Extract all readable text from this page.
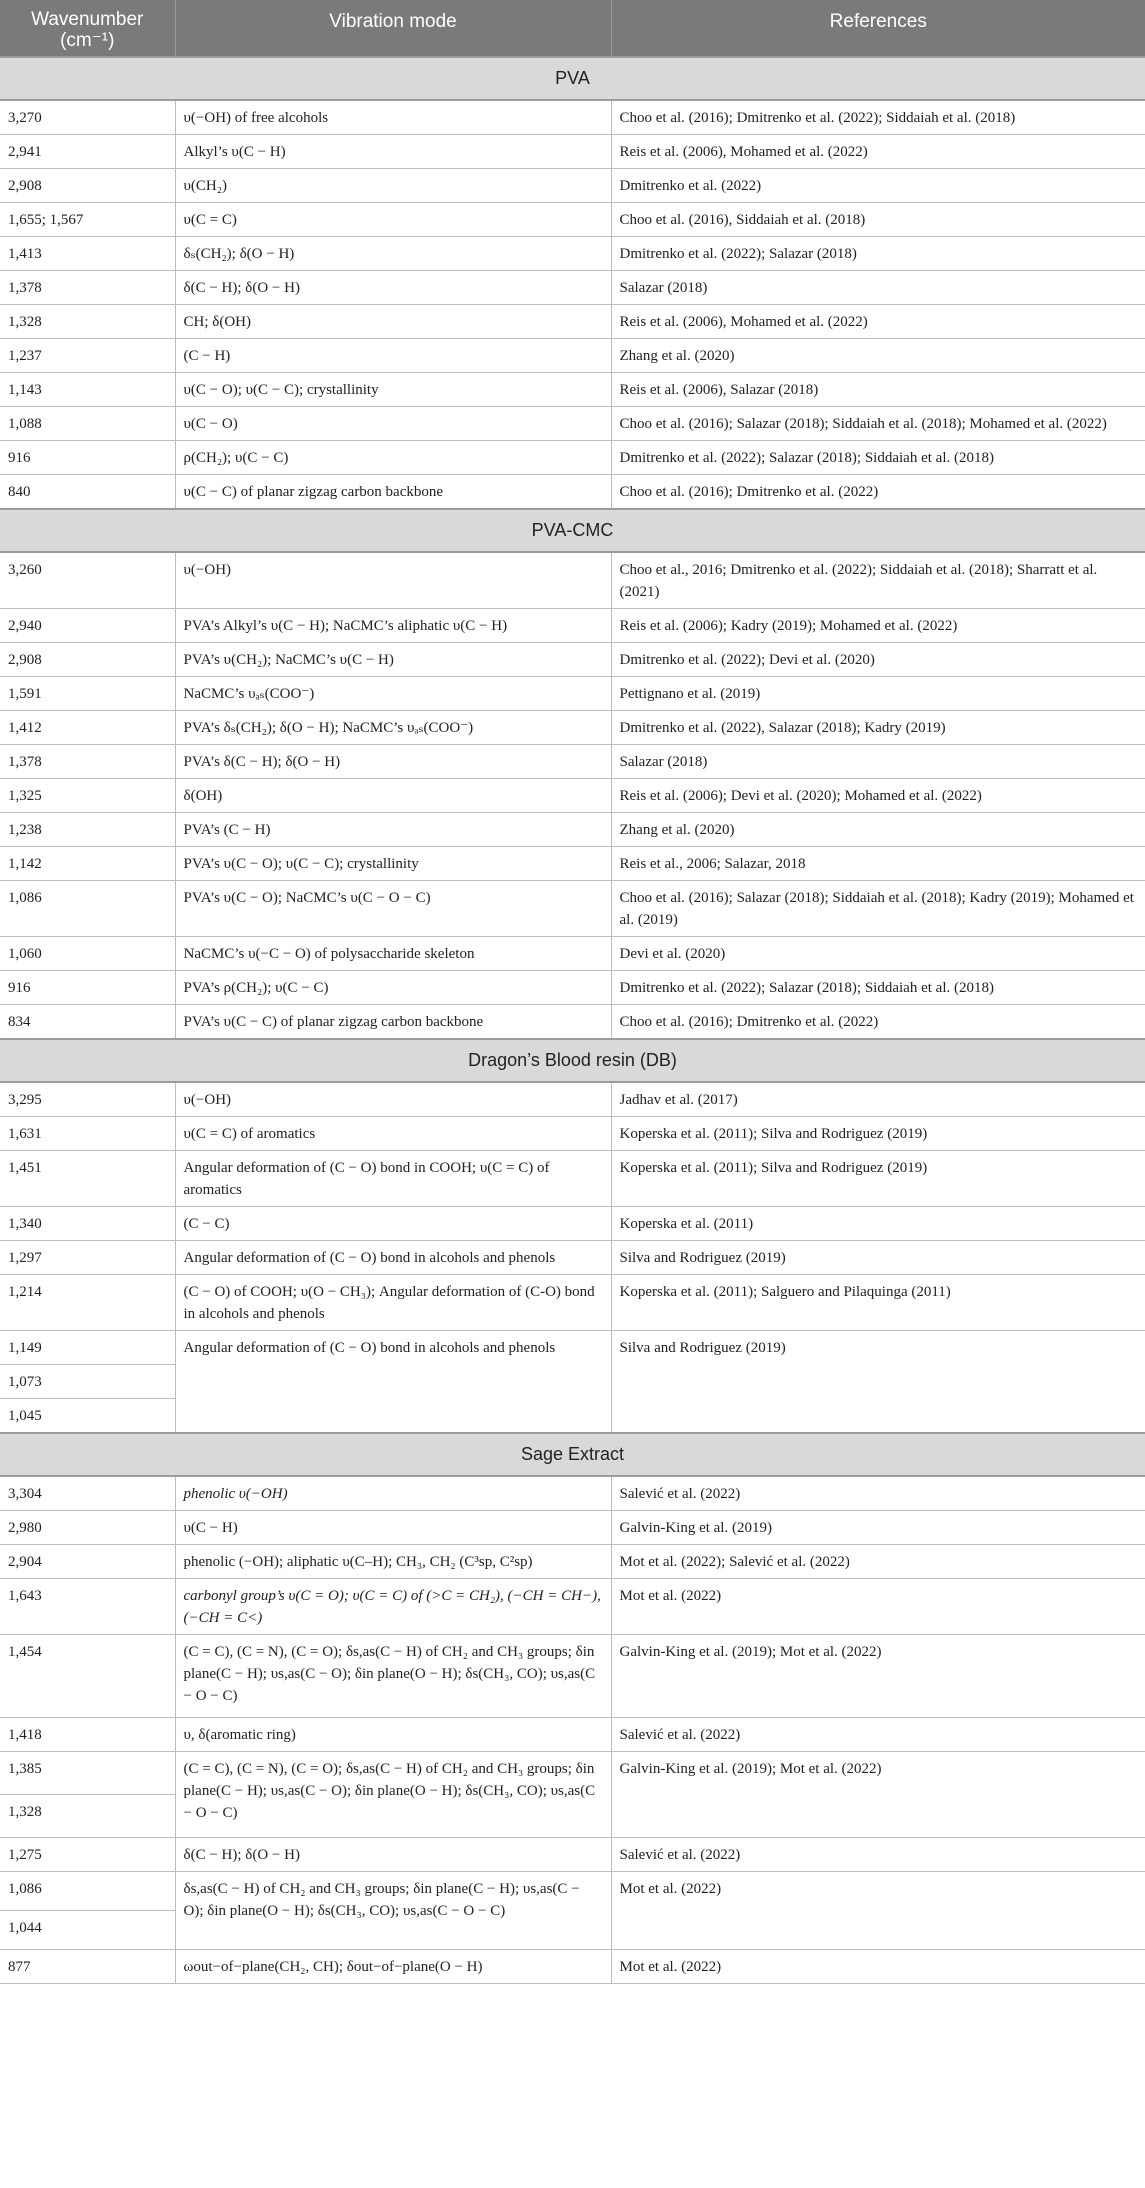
Wavenumber (cm⁻¹)	Vibration mode	References
PVA		
3,270	υ(−OH) of free alcohols	Choo et al. (2016); Dmitrenko et al. (2022); Siddaiah et al. (2018)
2,941	Alkyl’s υ(C − H)	Reis et al. (2006), Mohamed et al. (2022)
2,908	υ(CH₂)	Dmitrenko et al. (2022)
1,655; 1,567	υ(C = C)	Choo et al. (2016), Siddaiah et al. (2018)
1,413	δₛ(CH₂); δ(O − H)	Dmitrenko et al. (2022); Salazar (2018)
1,378	δ(C − H); δ(O − H)	Salazar (2018)
1,328	CH; δ(OH)	Reis et al. (2006), Mohamed et al. (2022)
1,237	(C − H)	Zhang et al. (2020)
1,143	υ(C − O); υ(C − C); crystallinity	Reis et al. (2006), Salazar (2018)
1,088	υ(C − O)	Choo et al. (2016); Salazar (2018); Siddaiah et al. (2018); Mohamed et al. (2022)
916	ρ(CH₂); υ(C − C)	Dmitrenko et al. (2022); Salazar (2018); Siddaiah et al. (2018)
840	υ(C − C) of planar zigzag carbon backbone	Choo et al. (2016); Dmitrenko et al. (2022)
PVA-CMC		
3,260	υ(−OH)	Choo et al., 2016; Dmitrenko et al. (2022); Siddaiah et al. (2018); Sharratt et al. (2021)
2,940	PVA’s Alkyl’s υ(C − H); NaCMC’s aliphatic υ(C − H)	Reis et al. (2006); Kadry (2019); Mohamed et al. (2022)
2,908	PVA’s υ(CH₂); NaCMC’s υ(C − H)	Dmitrenko et al. (2022); Devi et al. (2020)
1,591	NaCMC’s υₐₛ(COO⁻)	Pettignano et al. (2019)
1,412	PVA’s δₛ(CH₂); δ(O − H); NaCMC’s υₐₛ(COO⁻)	Dmitrenko et al. (2022), Salazar (2018); Kadry (2019)
1,378	PVA’s δ(C − H); δ(O − H)	Salazar (2018)
1,325	δ(OH)	Reis et al. (2006); Devi et al. (2020); Mohamed et al. (2022)
1,238	PVA’s (C − H)	Zhang et al. (2020)
1,142	PVA’s υ(C − O); υ(C − C); crystallinity	Reis et al., 2006; Salazar, 2018
1,086	PVA’s υ(C − O); NaCMC’s υ(C − O − C)	Choo et al. (2016); Salazar (2018); Siddaiah et al. (2018); Kadry (2019); Mohamed et al. (2019)
1,060	NaCMC’s υ(−C − O) of polysaccharide skeleton	Devi et al. (2020)
916	PVA’s ρ(CH₂); υ(C − C)	Dmitrenko et al. (2022); Salazar (2018); Siddaiah et al. (2018)
834	PVA’s υ(C − C) of planar zigzag carbon backbone	Choo et al. (2016); Dmitrenko et al. (2022)
Dragon’s Blood resin (DB)		
3,295	υ(−OH)	Jadhav et al. (2017)
1,631	υ(C = C) of aromatics	Koperska et al. (2011); Silva and Rodriguez (2019)
1,451	Angular deformation of (C − O) bond in COOH; υ(C = C) of aromatics	Koperska et al. (2011); Silva and Rodriguez (2019)
1,340	(C − C)	Koperska et al. (2011)
1,297	Angular deformation of (C − O) bond in alcohols and phenols	Silva and Rodriguez (2019)
1,214	(C − O) of COOH; υ(O − CH₃); Angular deformation of (C-O) bond in alcohols and phenols	Koperska et al. (2011); Salguero and Pilaquinga (2011)
1,149	Angular deformation of (C − O) bond in alcohols and phenols	Silva and Rodriguez (2019)
1,073		
1,045		
Sage Extract		
3,304	phenolic υ(−OH)	Salević et al. (2022)
2,980	υ(C − H)	Galvin-King et al. (2019)
2,904	phenolic (−OH); aliphatic υ(C–H); CH₃, CH₂ (C³sp, C²sp)	Mot et al. (2022); Salević et al. (2022)
1,643	carbonyl group’s υ(C = O); υ(C = C) of (>C = CH₂), (−CH = CH−), (−CH = C<)	Mot et al. (2022)
1,454	(C = C), (C = N), (C = O); δs,as(C − H) of CH₂ and CH₃ groups; δin plane(C − H); υs,as(C − O); δin plane(O − H); δs(CH₃, CO); υs,as(C − O − C)	Galvin-King et al. (2019); Mot et al. (2022)
1,418	υ, δ(aromatic ring)	Salević et al. (2022)
1,385	(C = C), (C = N), (C = O); δs,as(C − H) of CH₂ and CH₃ groups; δin plane(C − H); υs,as(C − O); δin plane(O − H); δs(CH₃, CO); υs,as(C − O − C)	Galvin-King et al. (2019); Mot et al. (2022)
1,328		
1,275	δ(C − H); δ(O − H)	Salević et al. (2022)
1,086	δs,as(C − H) of CH₂ and CH₃ groups; δin plane(C − H); υs,as(C − O); δin plane(O − H); δs(CH₃, CO); υs,as(C − O − C)	Mot et al. (2022)
1,044		
877	ωout−of−plane(CH₂, CH); δout−of−plane(O − H)	Mot et al. (2022)
